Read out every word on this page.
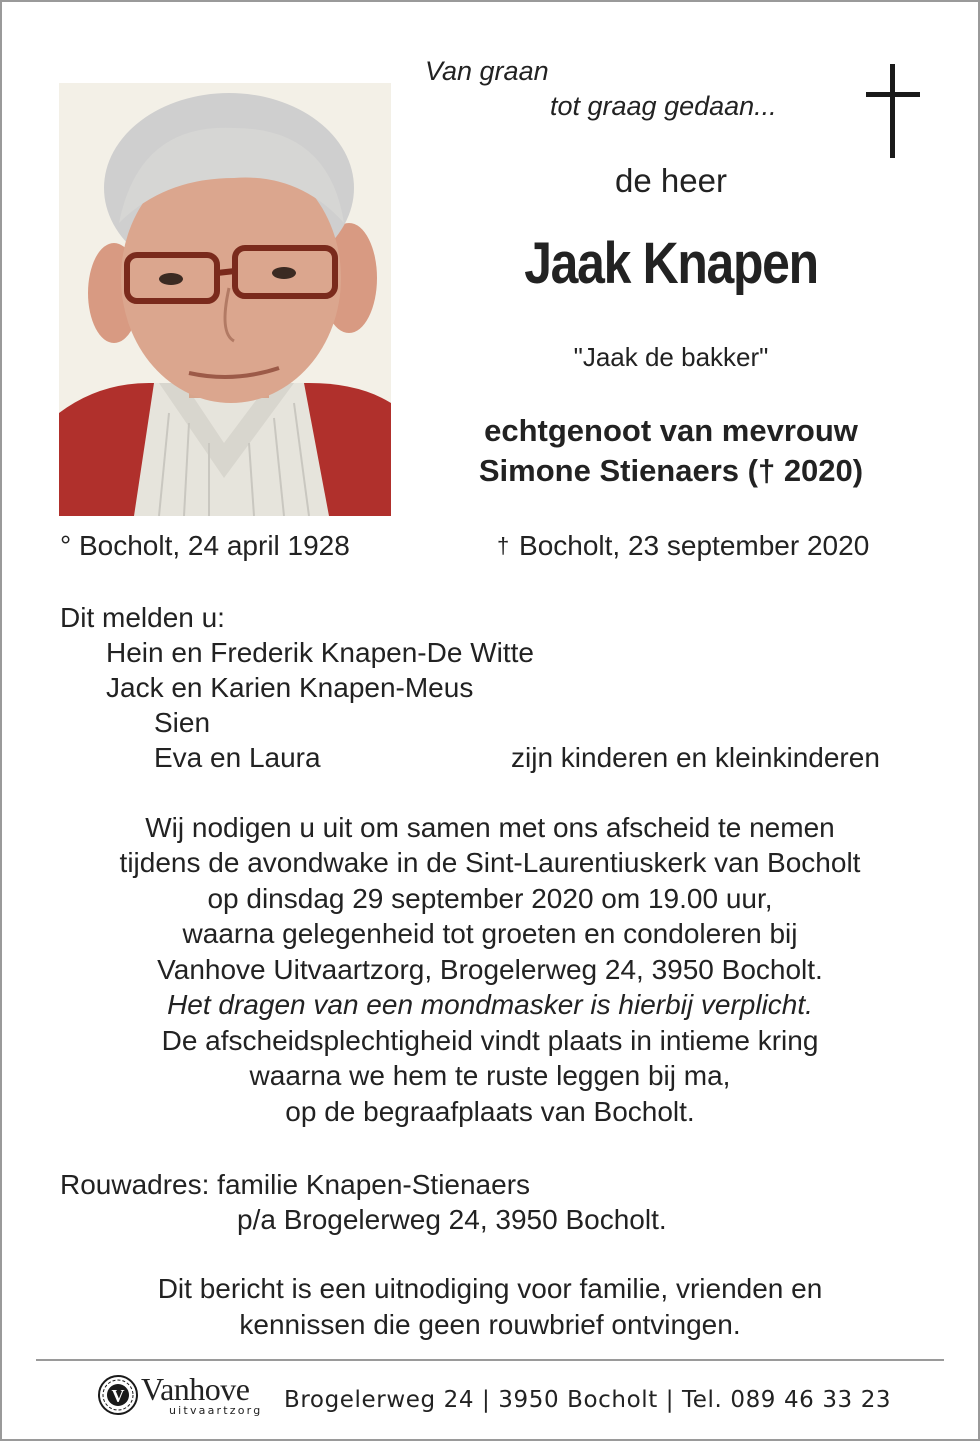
Van graan
tot graag gedaan...
de heer
Jaak Knapen
"Jaak de bakker"
echtgenoot van mevrouw
Simone Stienaers († 2020)
° Bocholt, 24 april 1928	† Bocholt, 23 september 2020
Dit melden u:
Hein en Frederik Knapen-De Witte
Jack en Karien Knapen-Meus
Sien
Eva en Laura	zijn kinderen en kleinkinderen
Wij nodigen u uit om samen met ons afscheid te nemen
tijdens de avondwake in de Sint-Laurentiuskerk van Bocholt
op dinsdag 29 september 2020 om 19.00 uur,
waarna gelegenheid tot groeten en condoleren bij
Vanhove Uitvaartzorg, Brogelerweg 24, 3950 Bocholt.
Het dragen van een mondmasker is hierbij verplicht.
De afscheidsplechtigheid vindt plaats in intieme kring
waarna we hem te ruste leggen bij ma,
op de begraafplaats van Bocholt.
Rouwadres: familie Knapen-Stienaers
p/a Brogelerweg 24, 3950 Bocholt.
Dit bericht is een uitnodiging voor familie, vrienden en
kennissen die geen rouwbrief ontvingen.
V Vanhove
uitvaartzorg Brogelerweg 24 | 3950 Bocholt | Tel. 089 46 33 23
